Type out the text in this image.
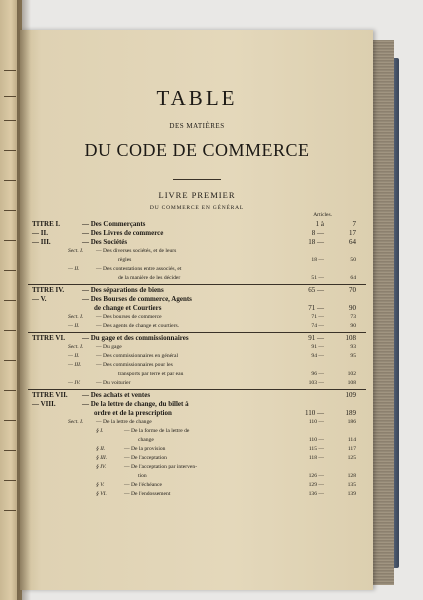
TABLE
DES MATIÈRES
DU CODE DE COMMERCE
LIVRE PREMIER
DU COMMERCE EN GÉNÉRAL
Articles.
TITRE I.	— Des Commerçants	1 à	7
— II.	— Des Livres de commerce	8 —	17
— III.	— Des Sociétés	18 —	64
Sect. I. — Des diverses sociétés, et de leurs
règles	18 —	50
— II.	— Des contestations entre associés, et
de la manière de les décider	51 —	64
TITRE IV.	— Des séparations de biens	65 —	70
— V.	— Des Bourses de commerce, Agents
de change et Courtiers	71 —	90
Sect. I. — Des bourses de commerce	71 —	73
— II.	— Des agents de change et courtiers.	74 —	90
TITRE VI. — Du gage et des commissionnaires	91 —	108
Sect. I. — Du gage	91 —	93
— II.	— Des commissionnaires en général	94 —	95
— III.	— Des commissionnaires pour les
transports par terre et par eau	96 —	102
— IV.	— Du voiturier	103 —	108
TITRE VII. — Des achats et ventes	109
— VIII.	— De la lettre de change, du billet à
ordre et de la prescription	110 —	189
Sect. I. — De la lettre de change	110 —	186
§ I.	— De la forme de la lettre de
change	110 —	114
§ II.	— De la provision	115 —	117
§ III.	— De l'acceptation	118 —	125
§ IV.	— De l'acceptation par interven-
tion	126 —	128
§ V.	— De l'échéance	129 —	135
§ VI.	— De l'endossement	136 —	139
